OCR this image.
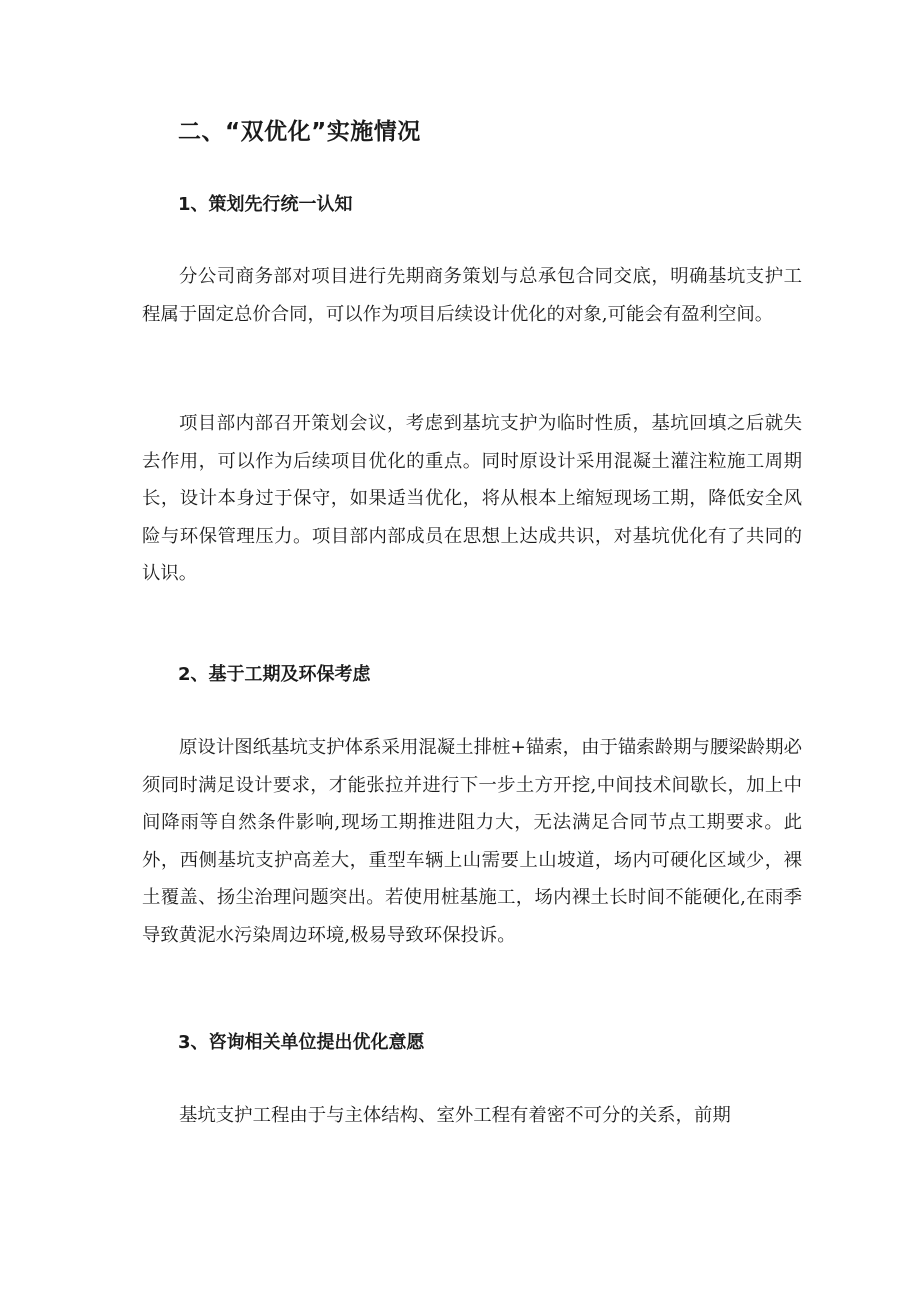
二、“双优化”实施情况
1、策划先行统一认知

分公司商务部对项目进行先期商务策划与总承包合同交底，明确基坑支护工程属于固定总价合同，可以作为项目后续设计优化的对象,可能会有盈利空间。

项目部内部召开策划会议，考虑到基坑支护为临时性质，基坑回填之后就失去作用，可以作为后续项目优化的重点。同时原设计采用混凝土灌注粒施工周期长，设计本身过于保守，如果适当优化，将从根本上缩短现场工期，降低安全风险与环保管理压力。项目部内部成员在思想上达成共识，对基坑优化有了共同的认识。

2、基于工期及环保考虑

原设计图纸基坑支护体系采用混凝土排桩+锚索，由于锚索龄期与腰梁龄期必须同时满足设计要求，才能张拉并进行下一步土方开挖,中间技术间歇长，加上中间降雨等自然条件影响,现场工期推进阻力大，无法满足合同节点工期要求。此外，西侧基坑支护高差大，重型车辆上山需要上山坡道，场内可硬化区域少，裸土覆盖、扬尘治理问题突出。若使用桩基施工，场内裸土长时间不能硬化,在雨季导致黄泥水污染周边环境,极易导致环保投诉。

3、咨询相关单位提出优化意愿

基坑支护工程由于与主体结构、室外工程有着密不可分的关系，前期
